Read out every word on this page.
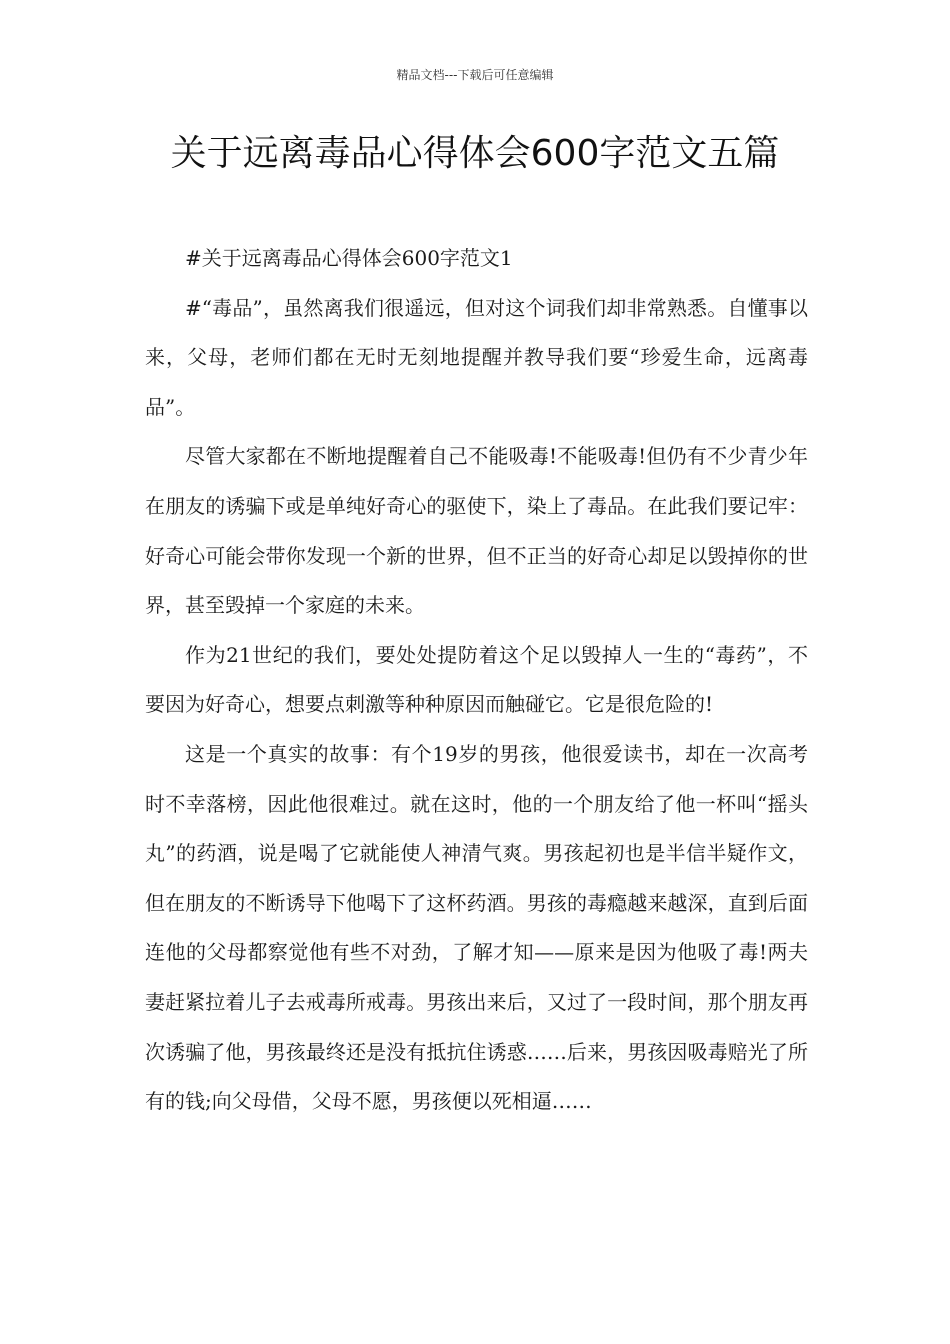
精品文档---下载后可任意编辑
关于远离毒品心得体会600字范文五篇

#关于远离毒品心得体会600字范文1

#“毒品”，虽然离我们很遥远，但对这个词我们却非常熟悉。自懂事以来，父母，老师们都在无时无刻地提醒并教导我们要“珍爱生命，远离毒品”。

尽管大家都在不断地提醒着自己不能吸毒!不能吸毒!但仍有不少青少年在朋友的诱骗下或是单纯好奇心的驱使下，染上了毒品。在此我们要记牢：好奇心可能会带你发现一个新的世界，但不正当的好奇心却足以毁掉你的世界，甚至毁掉一个家庭的未来。

作为21世纪的我们，要处处提防着这个足以毁掉人一生的“毒药”，不要因为好奇心，想要点刺激等种种原因而触碰它。它是很危险的!

这是一个真实的故事：有个19岁的男孩，他很爱读书，却在一次高考时不幸落榜，因此他很难过。就在这时，他的一个朋友给了他一杯叫“摇头丸”的药酒，说是喝了它就能使人神清气爽。男孩起初也是半信半疑作文，但在朋友的不断诱导下他喝下了这杯药酒。男孩的毒瘾越来越深，直到后面连他的父母都察觉他有些不对劲，了解才知——原来是因为他吸了毒!两夫妻赶紧拉着儿子去戒毒所戒毒。男孩出来后，又过了一段时间，那个朋友再次诱骗了他，男孩最终还是没有抵抗住诱惑……后来，男孩因吸毒赔光了所有的钱;向父母借，父母不愿，男孩便以死相逼……
